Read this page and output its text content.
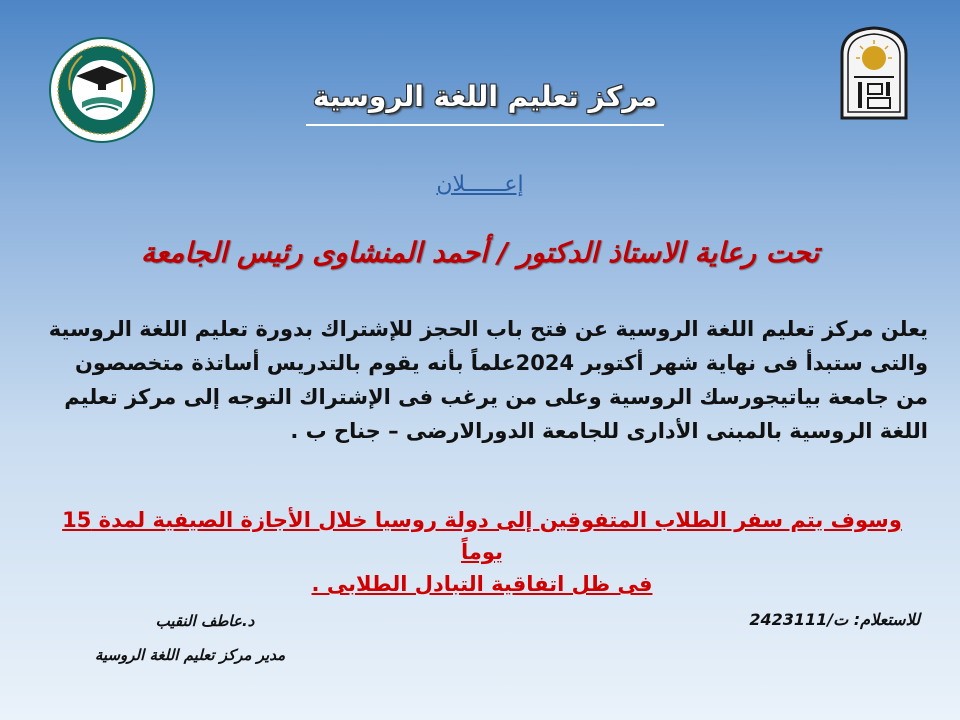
مركز تعليم اللغة الروسية
إعــــــلان
تحت رعاية الاستاذ الدكتور / أحمد المنشاوى رئيس الجامعة
يعلن مركز تعليم اللغة الروسية عن فتح باب الحجز للإشتراك بدورة تعليم اللغة الروسية
والتى ستبدأ فى نهاية شهر أكتوبر 2024علماً بأنه يقوم بالتدريس أساتذة متخصصون
من جامعة بياتيجورسك الروسية وعلى من يرغب فى الإشتراك التوجه إلى مركز تعليم
اللغة الروسية بالمبنى الأدارى للجامعة الدورالارضى – جناح ب .
وسوف يتم سفر الطلاب المتفوقين إلى دولة روسيا خلال الأجازة الصيفية لمدة 15 يوماً
فى ظل اتفاقية التبادل الطلابى .
للاستعلام: ت/2423111
د.عاطف النقيب
مدير مركز تعليم اللغة الروسية
